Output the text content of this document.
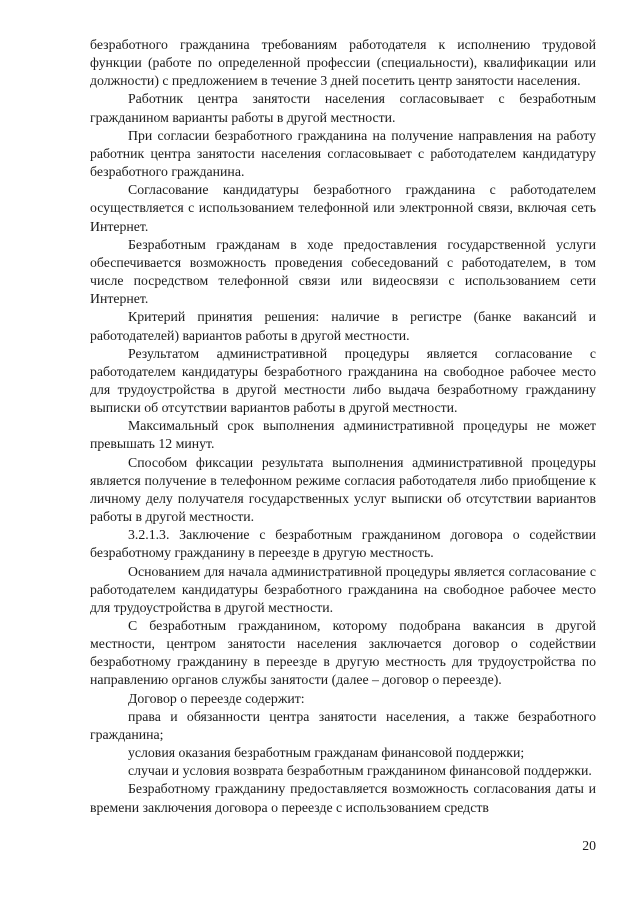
безработного гражданина требованиям работодателя к исполнению трудовой функции (работе по определенной профессии (специальности), квалификации или должности) с предложением в течение 3 дней посетить центр занятости населения.

Работник центра занятости населения согласовывает с безработным гражданином варианты работы в другой местности.

При согласии безработного гражданина на получение направления на работу работник центра занятости населения согласовывает с работодателем кандидатуру безработного гражданина.

Согласование кандидатуры безработного гражданина с работодателем осуществляется с использованием телефонной или электронной связи, включая сеть Интернет.

Безработным гражданам в ходе предоставления государственной услуги обеспечивается возможность проведения собеседований с работодателем, в том числе посредством телефонной связи или видеосвязи с использованием сети Интернет.

Критерий принятия решения: наличие в регистре (банке вакансий и работодателей) вариантов работы в другой местности.

Результатом административной процедуры является согласование с работодателем кандидатуры безработного гражданина на свободное рабочее место для трудоустройства в другой местности либо выдача безработному гражданину выписки об отсутствии вариантов работы в другой местности.

Максимальный срок выполнения административной процедуры не может превышать 12 минут.

Способом фиксации результата выполнения административной процедуры является получение в телефонном режиме согласия работодателя либо приобщение к личному делу получателя государственных услуг выписки об отсутствии вариантов работы в другой местности.

3.2.1.3. Заключение с безработным гражданином договора о содействии безработному гражданину в переезде в другую местность.

Основанием для начала административной процедуры является согласование с работодателем кандидатуры безработного гражданина на свободное рабочее место для трудоустройства в другой местности.

С безработным гражданином, которому подобрана вакансия в другой местности, центром занятости населения заключается договор о содействии безработному гражданину в переезде в другую местность для трудоустройства по направлению органов службы занятости (далее – договор о переезде).

Договор о переезде содержит:

права и обязанности центра занятости населения, а также безработного гражданина;

условия оказания безработным гражданам финансовой поддержки;

случаи и условия возврата безработным гражданином финансовой поддержки.

Безработному гражданину предоставляется возможность согласования даты и времени заключения договора о переезде с использованием средств

20
